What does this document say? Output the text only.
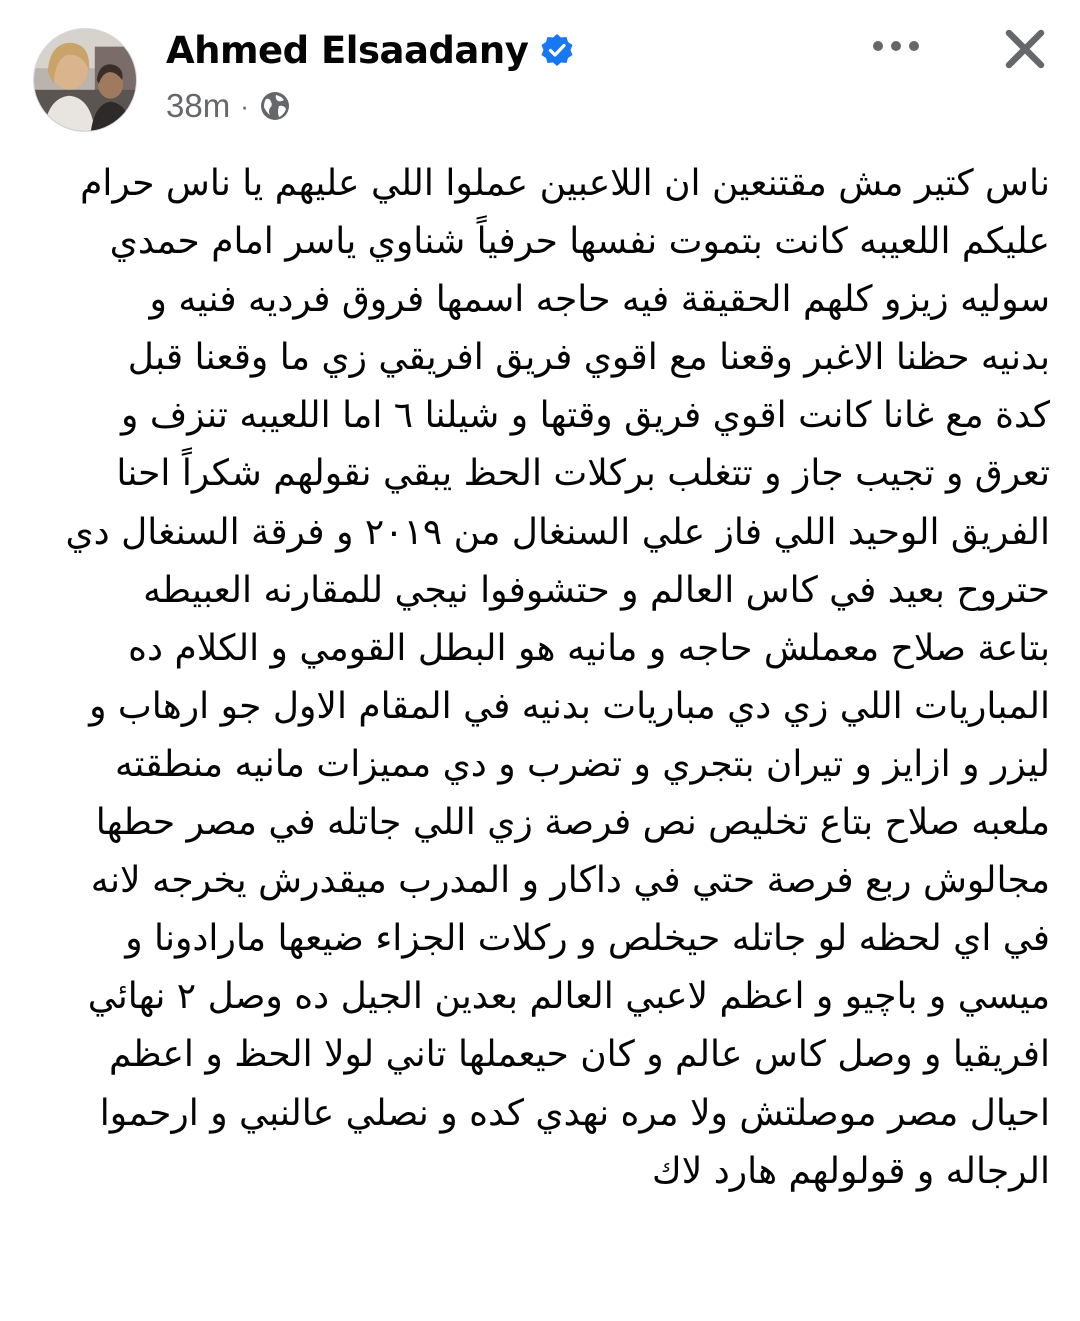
Ahmed Elsaadany
38m ·
ناس كتير مش مقتنعين ان اللاعبين عملوا اللي عليهم يا ناس حرام
عليكم اللعيبه كانت بتموت نفسها حرفياً شناوي ياسر امام حمدي
سوليه زيزو كلهم الحقيقة فيه حاجه اسمها فروق فرديه فنيه و
بدنيه حظنا الاغبر وقعنا مع اقوي فريق افريقي زي ما وقعنا قبل
كدة مع غانا كانت اقوي فريق وقتها و شيلنا ٦ اما اللعيبه تنزف و
تعرق و تجيب جاز و تتغلب بركلات الحظ يبقي نقولهم شكراً احنا
الفريق الوحيد اللي فاز علي السنغال من ٢٠١٩ و فرقة السنغال دي
حتروح بعيد في كاس العالم و حتشوفوا نيجي للمقارنه العبيطه
بتاعة صلاح معملش حاجه و مانيه هو البطل القومي و الكلام ده
المباريات اللي زي دي مباريات بدنيه في المقام الاول جو ارهاب و
ليزر و ازايز و تيران بتجري و تضرب و دي مميزات مانيه منطقته
ملعبه صلاح بتاع تخليص نص فرصة زي اللي جاتله في مصر حطها
مجالوش ربع فرصة حتي في داكار و المدرب ميقدرش يخرجه لانه
في اي لحظه لو جاتله حيخلص و ركلات الجزاء ضيعها مارادونا و
ميسي و باچيو و اعظم لاعبي العالم بعدين الجيل ده وصل ٢ نهائي
افريقيا و وصل كاس عالم و كان حيعملها تاني لولا الحظ و اعظم
احيال مصر موصلتش ولا مره نهدي كده و نصلي عالنبي و ارحموا
الرجاله و قولولهم هارد لاك
